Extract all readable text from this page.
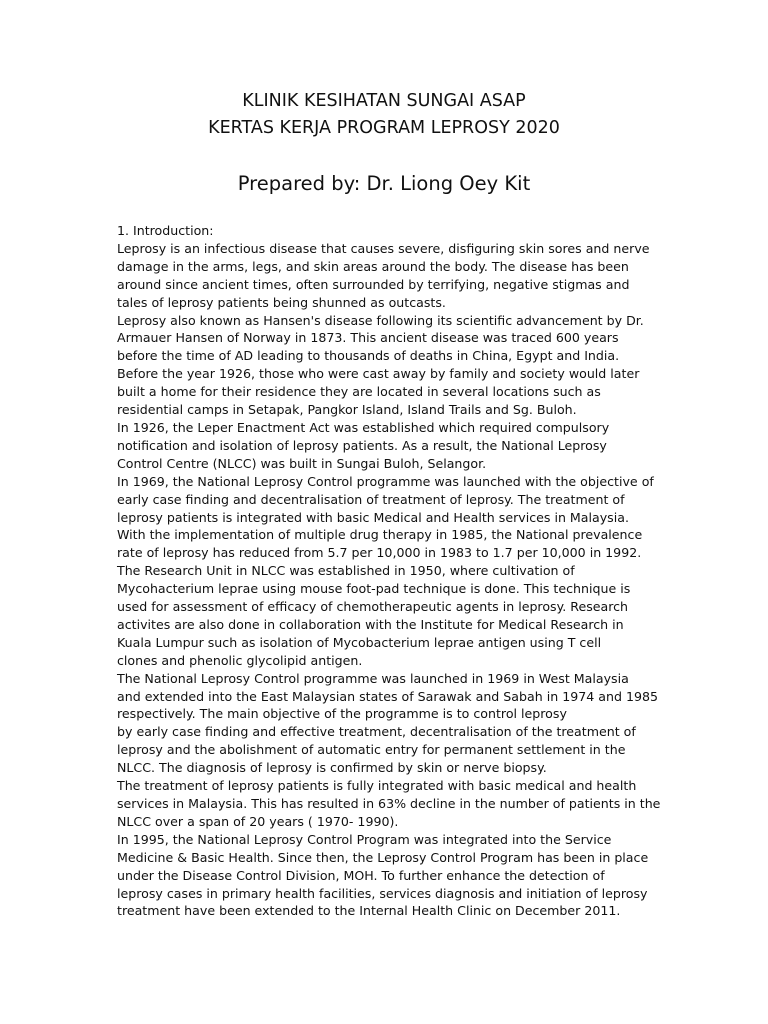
KLINIK KESIHATAN SUNGAI ASAP
KERTAS KERJA PROGRAM LEPROSY 2020
Prepared by: Dr. Liong Oey Kit
1. Introduction:
Leprosy is an infectious disease that causes severe, disfiguring skin sores and nerve
damage in the arms, legs, and skin areas around the body. The disease has been
around since ancient times, often surrounded by terrifying, negative stigmas and
tales of leprosy patients being shunned as outcasts.
Leprosy also known as Hansen's disease following its scientific advancement by Dr.
Armauer Hansen of Norway in 1873. This ancient disease was traced 600 years
before the time of AD leading to thousands of deaths in China, Egypt and India.
Before the year 1926, those who were cast away by family and society would later
built a home for their residence they are located in several locations such as
residential camps in Setapak, Pangkor Island, Island Trails and Sg. Buloh.
In 1926, the Leper Enactment Act was established which required compulsory
notification and isolation of leprosy patients. As a result, the National Leprosy
Control Centre (NLCC) was built in Sungai Buloh, Selangor.
In 1969, the National Leprosy Control programme was launched with the objective of
early case finding and decentralisation of treatment of leprosy. The treatment of
leprosy patients is integrated with basic Medical and Health services in Malaysia.
With the implementation of multiple drug therapy in 1985, the National prevalence
rate of leprosy has reduced from 5.7 per 10,000 in 1983 to 1.7 per 10,000 in 1992.
The Research Unit in NLCC was established in 1950, where cultivation of
Mycohacterium leprae using mouse foot-pad technique is done. This technique is
used for assessment of efficacy of chemotherapeutic agents in leprosy. Research
activites are also done in collaboration with the Institute for Medical Research in
Kuala Lumpur such as isolation of Mycobacterium leprae antigen using T cell
clones and phenolic glycolipid antigen.
The National Leprosy Control programme was launched in 1969 in West Malaysia
and extended into the East Malaysian states of Sarawak and Sabah in 1974 and 1985
respectively. The main objective of the programme is to control leprosy
by early case finding and effective treatment, decentralisation of the treatment of
leprosy and the abolishment of automatic entry for permanent settlement in the
NLCC. The diagnosis of leprosy is confirmed by skin or nerve biopsy.
The treatment of leprosy patients is fully integrated with basic medical and health
services in Malaysia. This has resulted in 63% decline in the number of patients in the
NLCC over a span of 20 years ( 1970- 1990).
In 1995, the National Leprosy Control Program was integrated into the Service
Medicine & Basic Health. Since then, the Leprosy Control Program has been in place
under the Disease Control Division, MOH. To further enhance the detection of
leprosy cases in primary health facilities, services diagnosis and initiation of leprosy
treatment have been extended to the Internal Health Clinic on December 2011.
